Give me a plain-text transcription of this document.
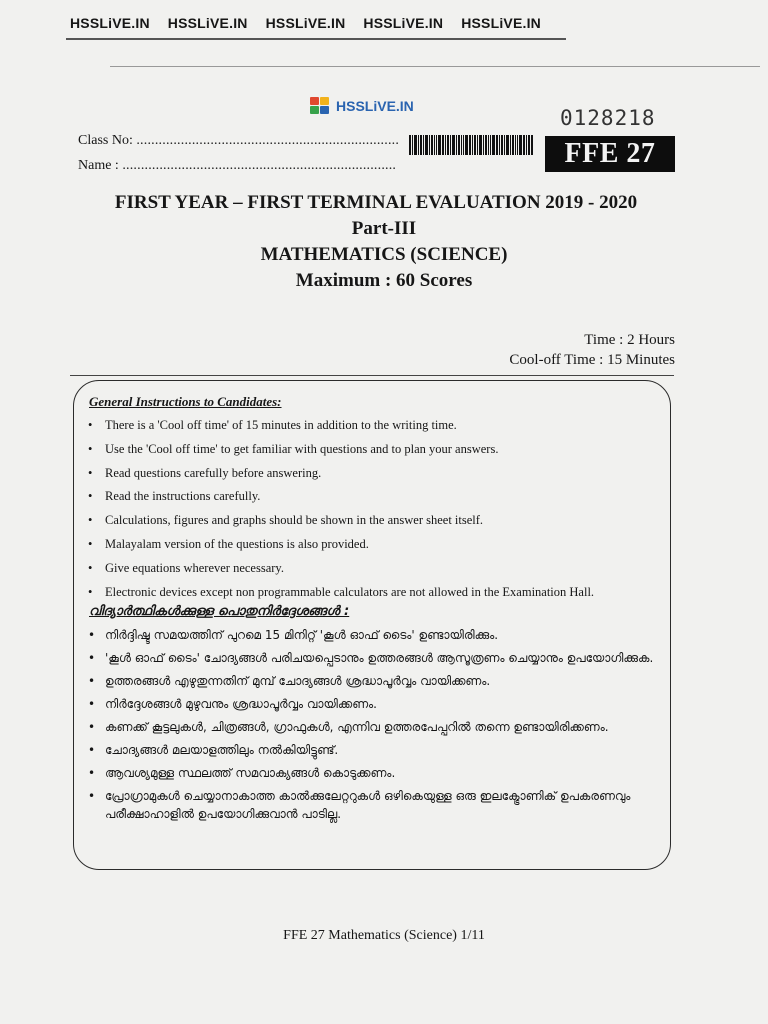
HSSLiVE.IN HSSLiVE.IN HSSLiVE.IN HSSLiVE.IN HSSLiVE.IN
HSSLiVE.IN	0128218
FFE 27
Class No: .......................................................................
Name : ..........................................................................
FIRST YEAR – FIRST TERMINAL EVALUATION 2019 - 2020
Part-III
MATHEMATICS (SCIENCE)
Maximum : 60 Scores
Time : 2 Hours
Cool-off Time : 15 Minutes
General Instructions to Candidates:
• There is a 'Cool off time' of 15 minutes in addition to the writing time.
• Use the 'Cool off time' to get familiar with questions and to plan your answers.
• Read questions carefully before answering.
• Read the instructions carefully.
• Calculations, figures and graphs should be shown in the answer sheet itself.
• Malayalam version of the questions is also provided.
• Give equations wherever necessary.
• Electronic devices except non programmable calculators are not allowed in the Examination Hall.
വിദ്യാർത്ഥികൾക്കുള്ള പൊതുനിർദ്ദേശങ്ങൾ :
• നിർദ്ദിഷ്ട സമയത്തിന് പുറമെ 15 മിനിറ്റ് 'കൂൾ ഓഫ് ടൈം' ഉണ്ടായിരിക്കും.
• 'കൂൾ ഓഫ് ടൈം' ചോദ്യങ്ങൾ പരിചയപ്പെടാനും ഉത്തരങ്ങൾ ആസൂത്രണം ചെയ്യാനും ഉപയോഗിക്കുക.
• ഉത്തരങ്ങൾ എഴുതുന്നതിന് മുമ്പ് ചോദ്യങ്ങൾ ശ്രദ്ധാപൂർവ്വം വായിക്കണം.
• നിർദ്ദേശങ്ങൾ മുഴുവനും ശ്രദ്ധാപൂർവ്വം വായിക്കണം.
• കണക്ക് കൂട്ടലുകൾ, ചിത്രങ്ങൾ, ഗ്രാഫുകൾ, എന്നിവ ഉത്തരപേപ്പറിൽ തന്നെ ഉണ്ടായിരിക്കണം.
• ചോദ്യങ്ങൾ മലയാളത്തിലും നൽകിയിട്ടുണ്ട്.
• ആവശ്യമുള്ള സ്ഥലത്ത് സമവാക്യങ്ങൾ കൊടുക്കണം.
• പ്രോഗ്രാമുകൾ ചെയ്യാനാകാത്ത കാൽക്കുലേറ്ററുകൾ ഒഴികെയുള്ള ഒരു ഇലക്ട്രോണിക് ഉപകരണവും പരീക്ഷാഹാളിൽ ഉപയോഗിക്കുവാൻ പാടില്ല.
FFE 27 Mathematics (Science) 1/11
